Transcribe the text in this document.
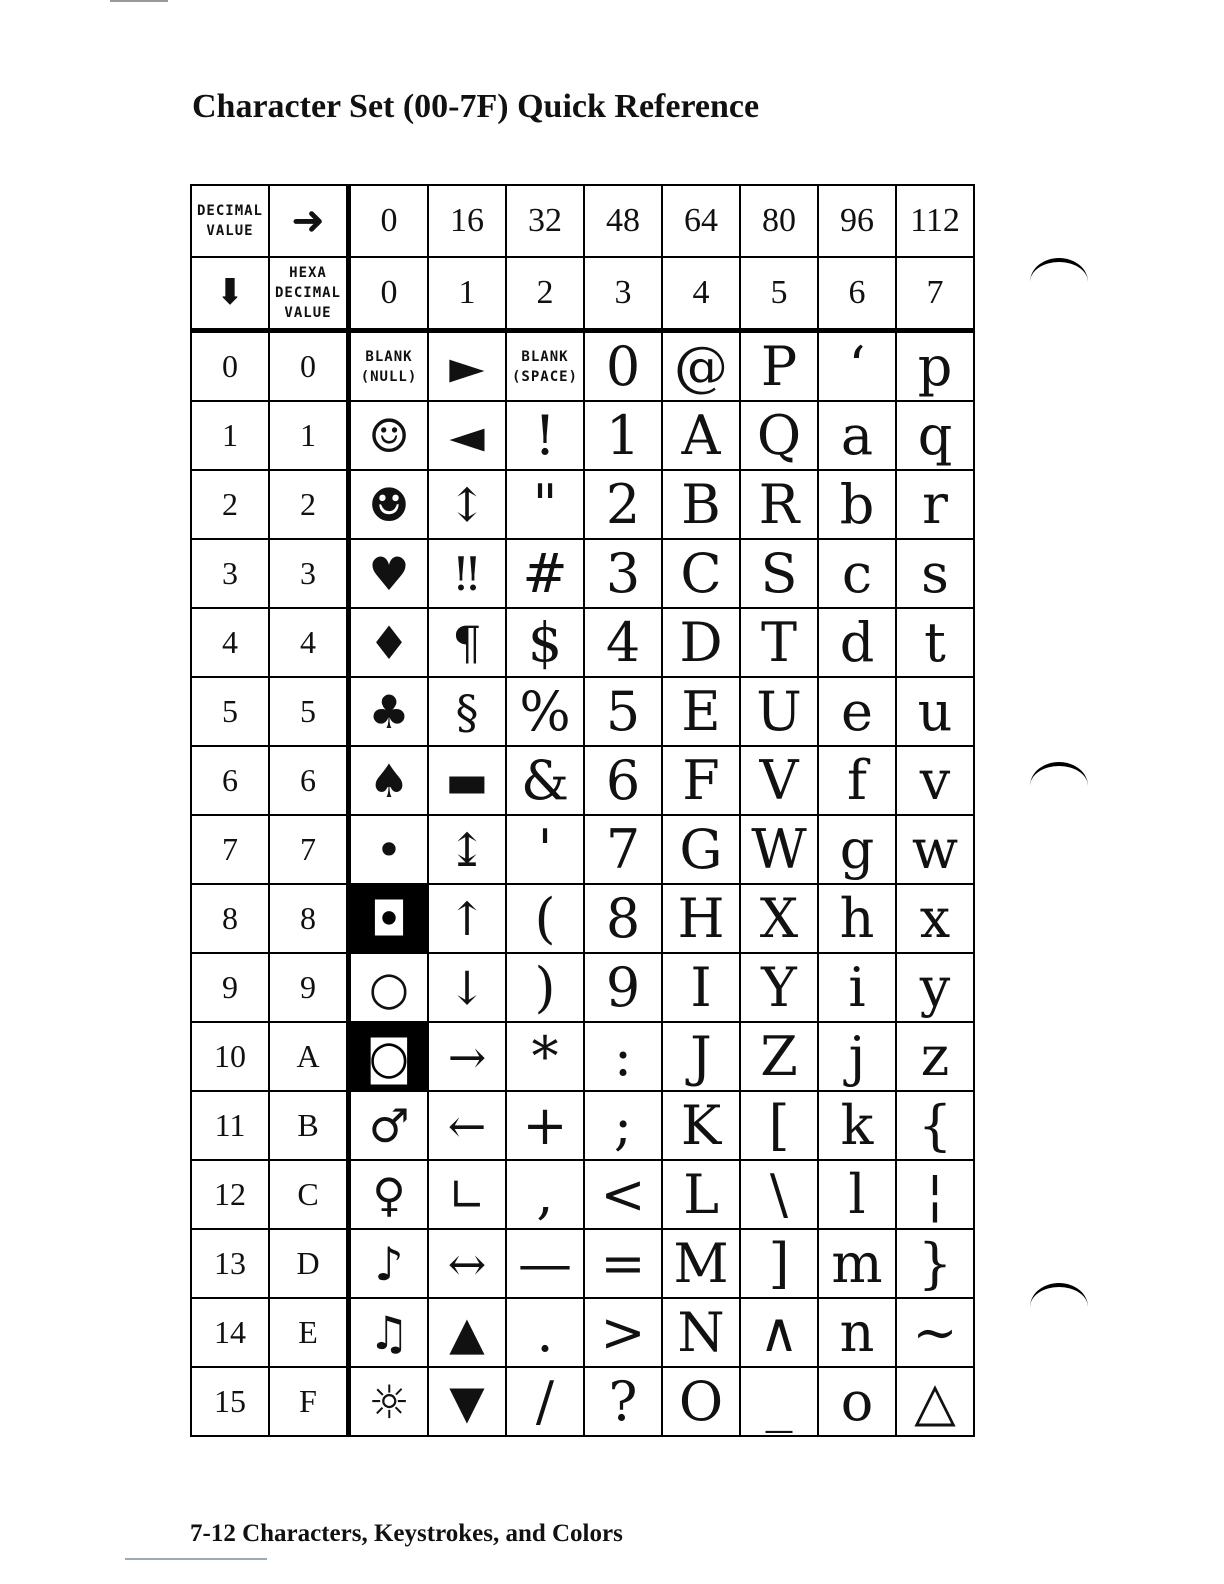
Character Set (00-7F) Quick Reference
DECIMAL VALUE	➜	0	16	32	48	64	80	96	112
⬇	HEXA DECIMAL VALUE	0	1	2	3	4	5	6	7
0	0	BLANK (NULL)	►	BLANK (SPACE)	0	@	P	‘	p
1	1	☺	◄	!	1	A	Q	a	q
2	2	☻	↕	"	2	B	R	b	r
3	3	♥	‼	#	3	C	S	c	s
4	4	♦	¶	$	4	D	T	d	t
5	5	♣	§	%	5	E	U	e	u
6	6	♠	▬	&	6	F	V	f	v
7	7	•	↨	'	7	G	W	g	w
8	8	◘	↑	(	8	H	X	h	x
9	9	○	↓	)	9	I	Y	i	y
10	A	◙	→	*	:	J	Z	j	z
11	B	♂	←	+	;	K	[	k	{
12	C	♀	∟	,	<	L	\	l	¦
13	D	♪	↔	—	=	M	]	m	}
14	E	♫	▲	.	>	N	∧	n	∼
15	F	☼	▼	/	?	O	_	o	△
7-12 Characters, Keystrokes, and Colors
